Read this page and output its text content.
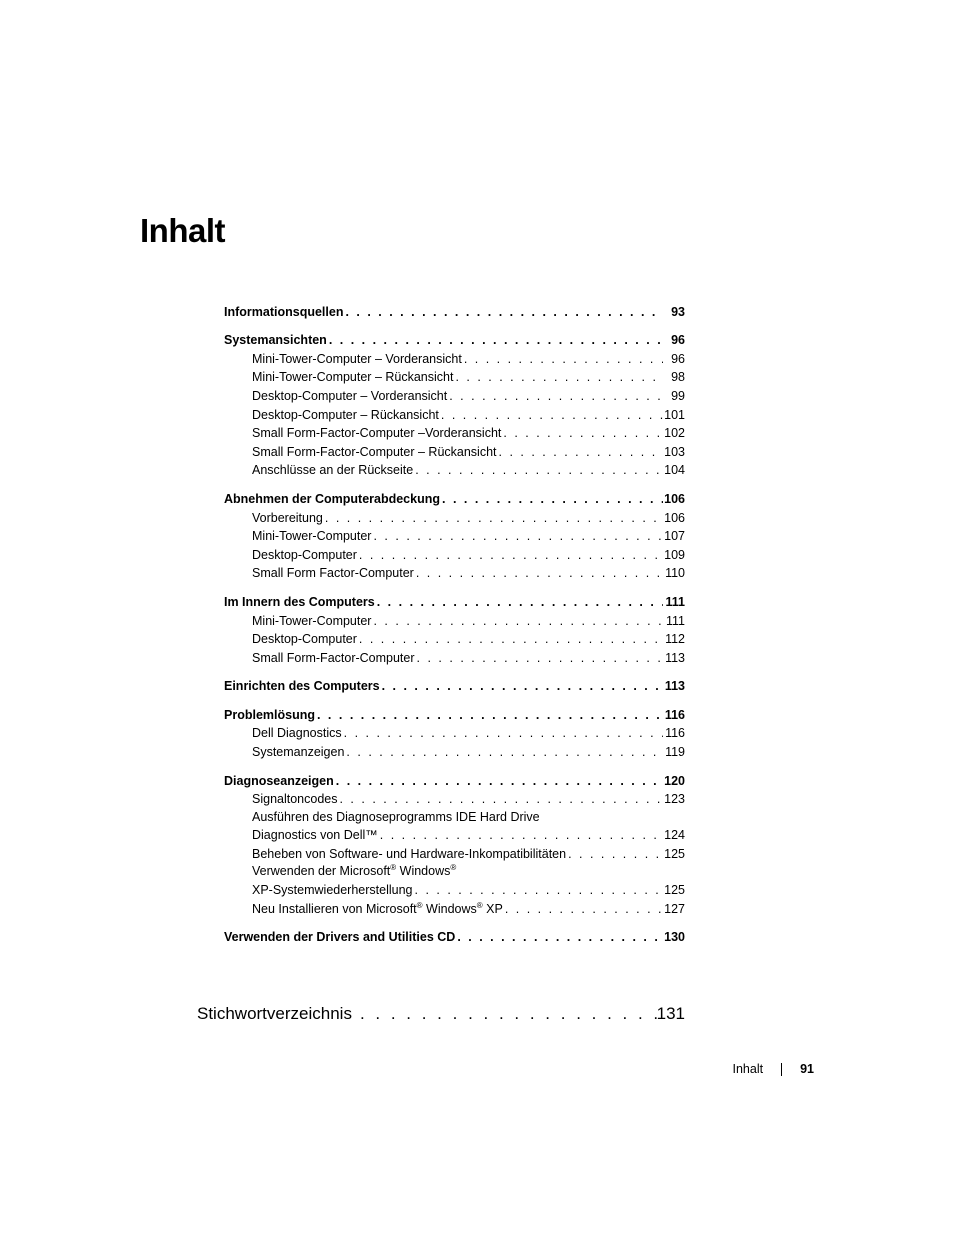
Inhalt
Informationsquellen . . .	93
Systemansichten . . .	96
Mini-Tower-Computer – Vorderansicht . . .	96
Mini-Tower-Computer – Rückansicht . . .	98
Desktop-Computer – Vorderansicht . . .	99
Desktop-Computer – Rückansicht . . .	101
Small Form-Factor-Computer –Vorderansicht . . .	102
Small Form-Factor-Computer – Rückansicht . . .	103
Anschlüsse an der Rückseite . . .	104
Abnehmen der Computerabdeckung . . .	106
Vorbereitung . . .	106
Mini-Tower-Computer . . .	107
Desktop-Computer . . .	109
Small Form Factor-Computer . . .	110
Im Innern des Computers . . .	111
Mini-Tower-Computer . . .	111
Desktop-Computer . . .	112
Small Form-Factor-Computer . . .	113
Einrichten des Computers . . .	113
Problemlösung . . .	116
Dell Diagnostics . . .	116
Systemanzeigen . . .	119
Diagnoseanzeigen . . .	120
Signaltoncodes . . .	123
Ausführen des Diagnoseprogramms IDE Hard Drive
Diagnostics von Dell™ . . .	124
Beheben von Software- und Hardware-Inkompatibilitäten . . .	125
Verwenden der Microsoft® Windows®
XP-Systemwiederherstellung . . .	125
Neu Installieren von Microsoft® Windows® XP . . .	127
Verwenden der Drivers and Utilities CD . . .	130
Stichwortverzeichnis . . .	131
Inhalt	91
